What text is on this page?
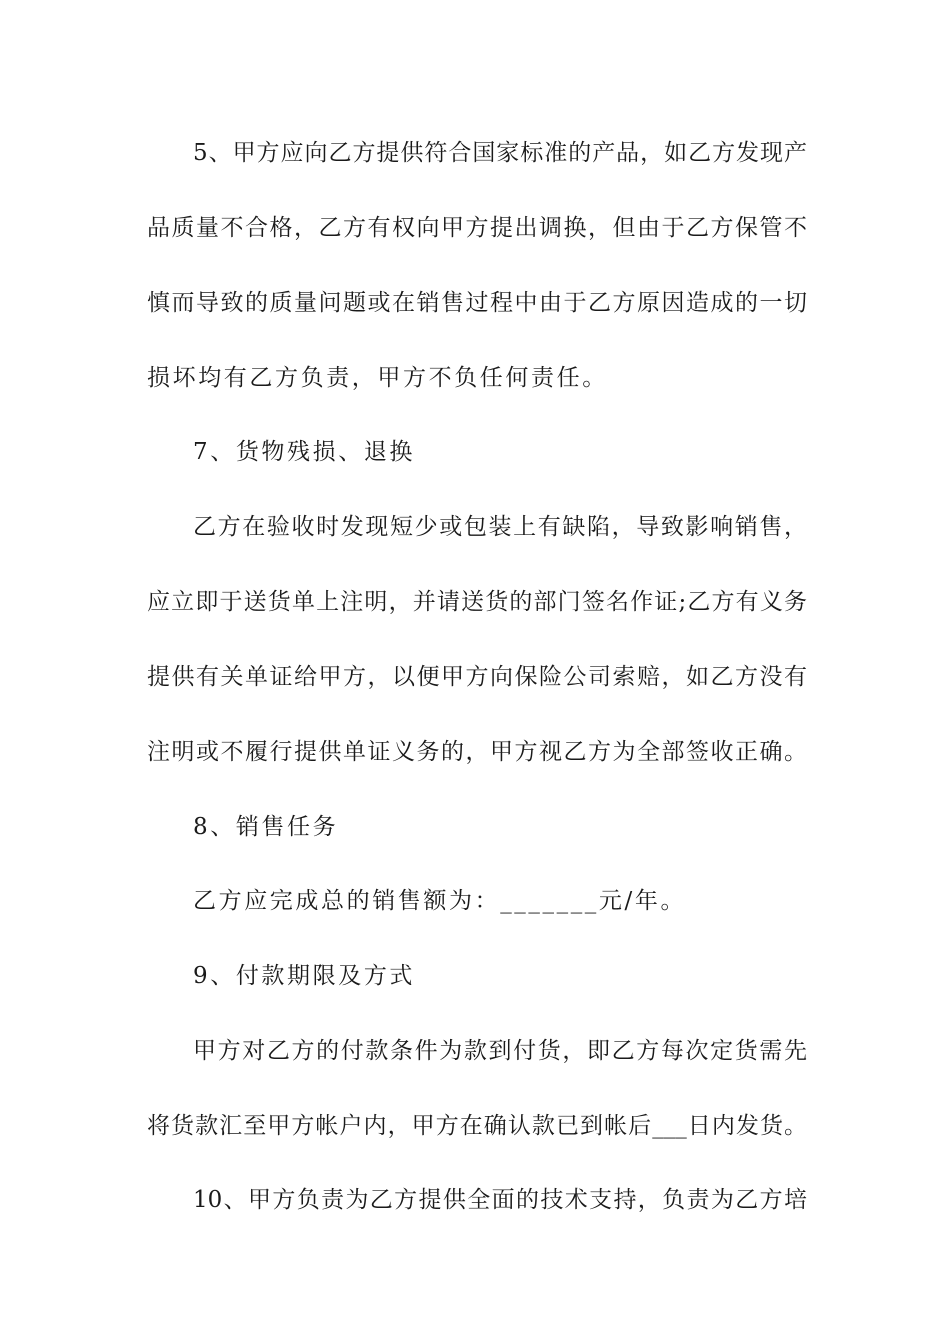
5、甲方应向乙方提供符合国家标准的产品，如乙方发现产
品质量不合格，乙方有权向甲方提出调换，但由于乙方保管不
慎而导致的质量问题或在销售过程中由于乙方原因造成的一切
损坏均有乙方负责，甲方不负任何责任。
7、货物残损、退换
乙方在验收时发现短少或包装上有缺陷，导致影响销售，
应立即于送货单上注明，并请送货的部门签名作证;乙方有义务
提供有关单证给甲方，以便甲方向保险公司索赔，如乙方没有
注明或不履行提供单证义务的，甲方视乙方为全部签收正确。
8、销售任务
乙方应完成总的销售额为：_______元/年。
9、付款期限及方式
甲方对乙方的付款条件为款到付货，即乙方每次定货需先
将货款汇至甲方帐户内，甲方在确认款已到帐后___日内发货。
10、甲方负责为乙方提供全面的技术支持，负责为乙方培
